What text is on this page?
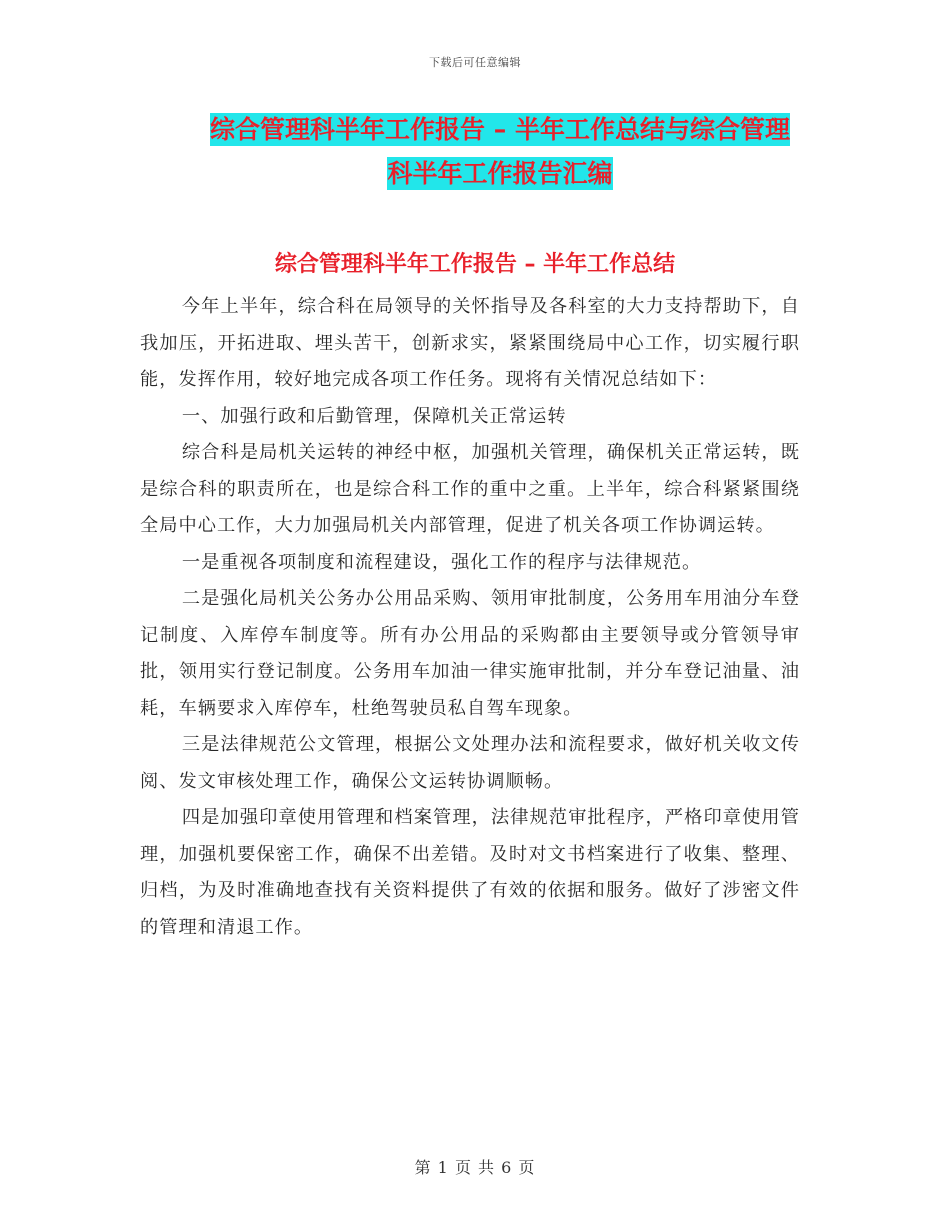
下载后可任意编辑
综合管理科半年工作报告 – 半年工作总结与综合管理
科半年工作报告汇编
综合管理科半年工作报告 – 半年工作总结

今年上半年，综合科在局领导的关怀指导及各科室的大力支持帮助下，自我加压，开拓进取、埋头苦干，创新求实，紧紧围绕局中心工作，切实履行职能，发挥作用，较好地完成各项工作任务。现将有关情况总结如下：

一、加强行政和后勤管理，保障机关正常运转

综合科是局机关运转的神经中枢，加强机关管理，确保机关正常运转，既是综合科的职责所在，也是综合科工作的重中之重。上半年，综合科紧紧围绕全局中心工作，大力加强局机关内部管理，促进了机关各项工作协调运转。

一是重视各项制度和流程建设，强化工作的程序与法律规范。

二是强化局机关公务办公用品采购、领用审批制度，公务用车用油分车登记制度、入库停车制度等。所有办公用品的采购都由主要领导或分管领导审批，领用实行登记制度。公务用车加油一律实施审批制，并分车登记油量、油耗，车辆要求入库停车，杜绝驾驶员私自驾车现象。

三是法律规范公文管理，根据公文处理办法和流程要求，做好机关收文传阅、发文审核处理工作，确保公文运转协调顺畅。

四是加强印章使用管理和档案管理，法律规范审批程序，严格印章使用管理，加强机要保密工作，确保不出差错。及时对文书档案进行了收集、整理、归档，为及时准确地查找有关资料提供了有效的依据和服务。做好了涉密文件的管理和清退工作。

第 1 页 共 6 页
